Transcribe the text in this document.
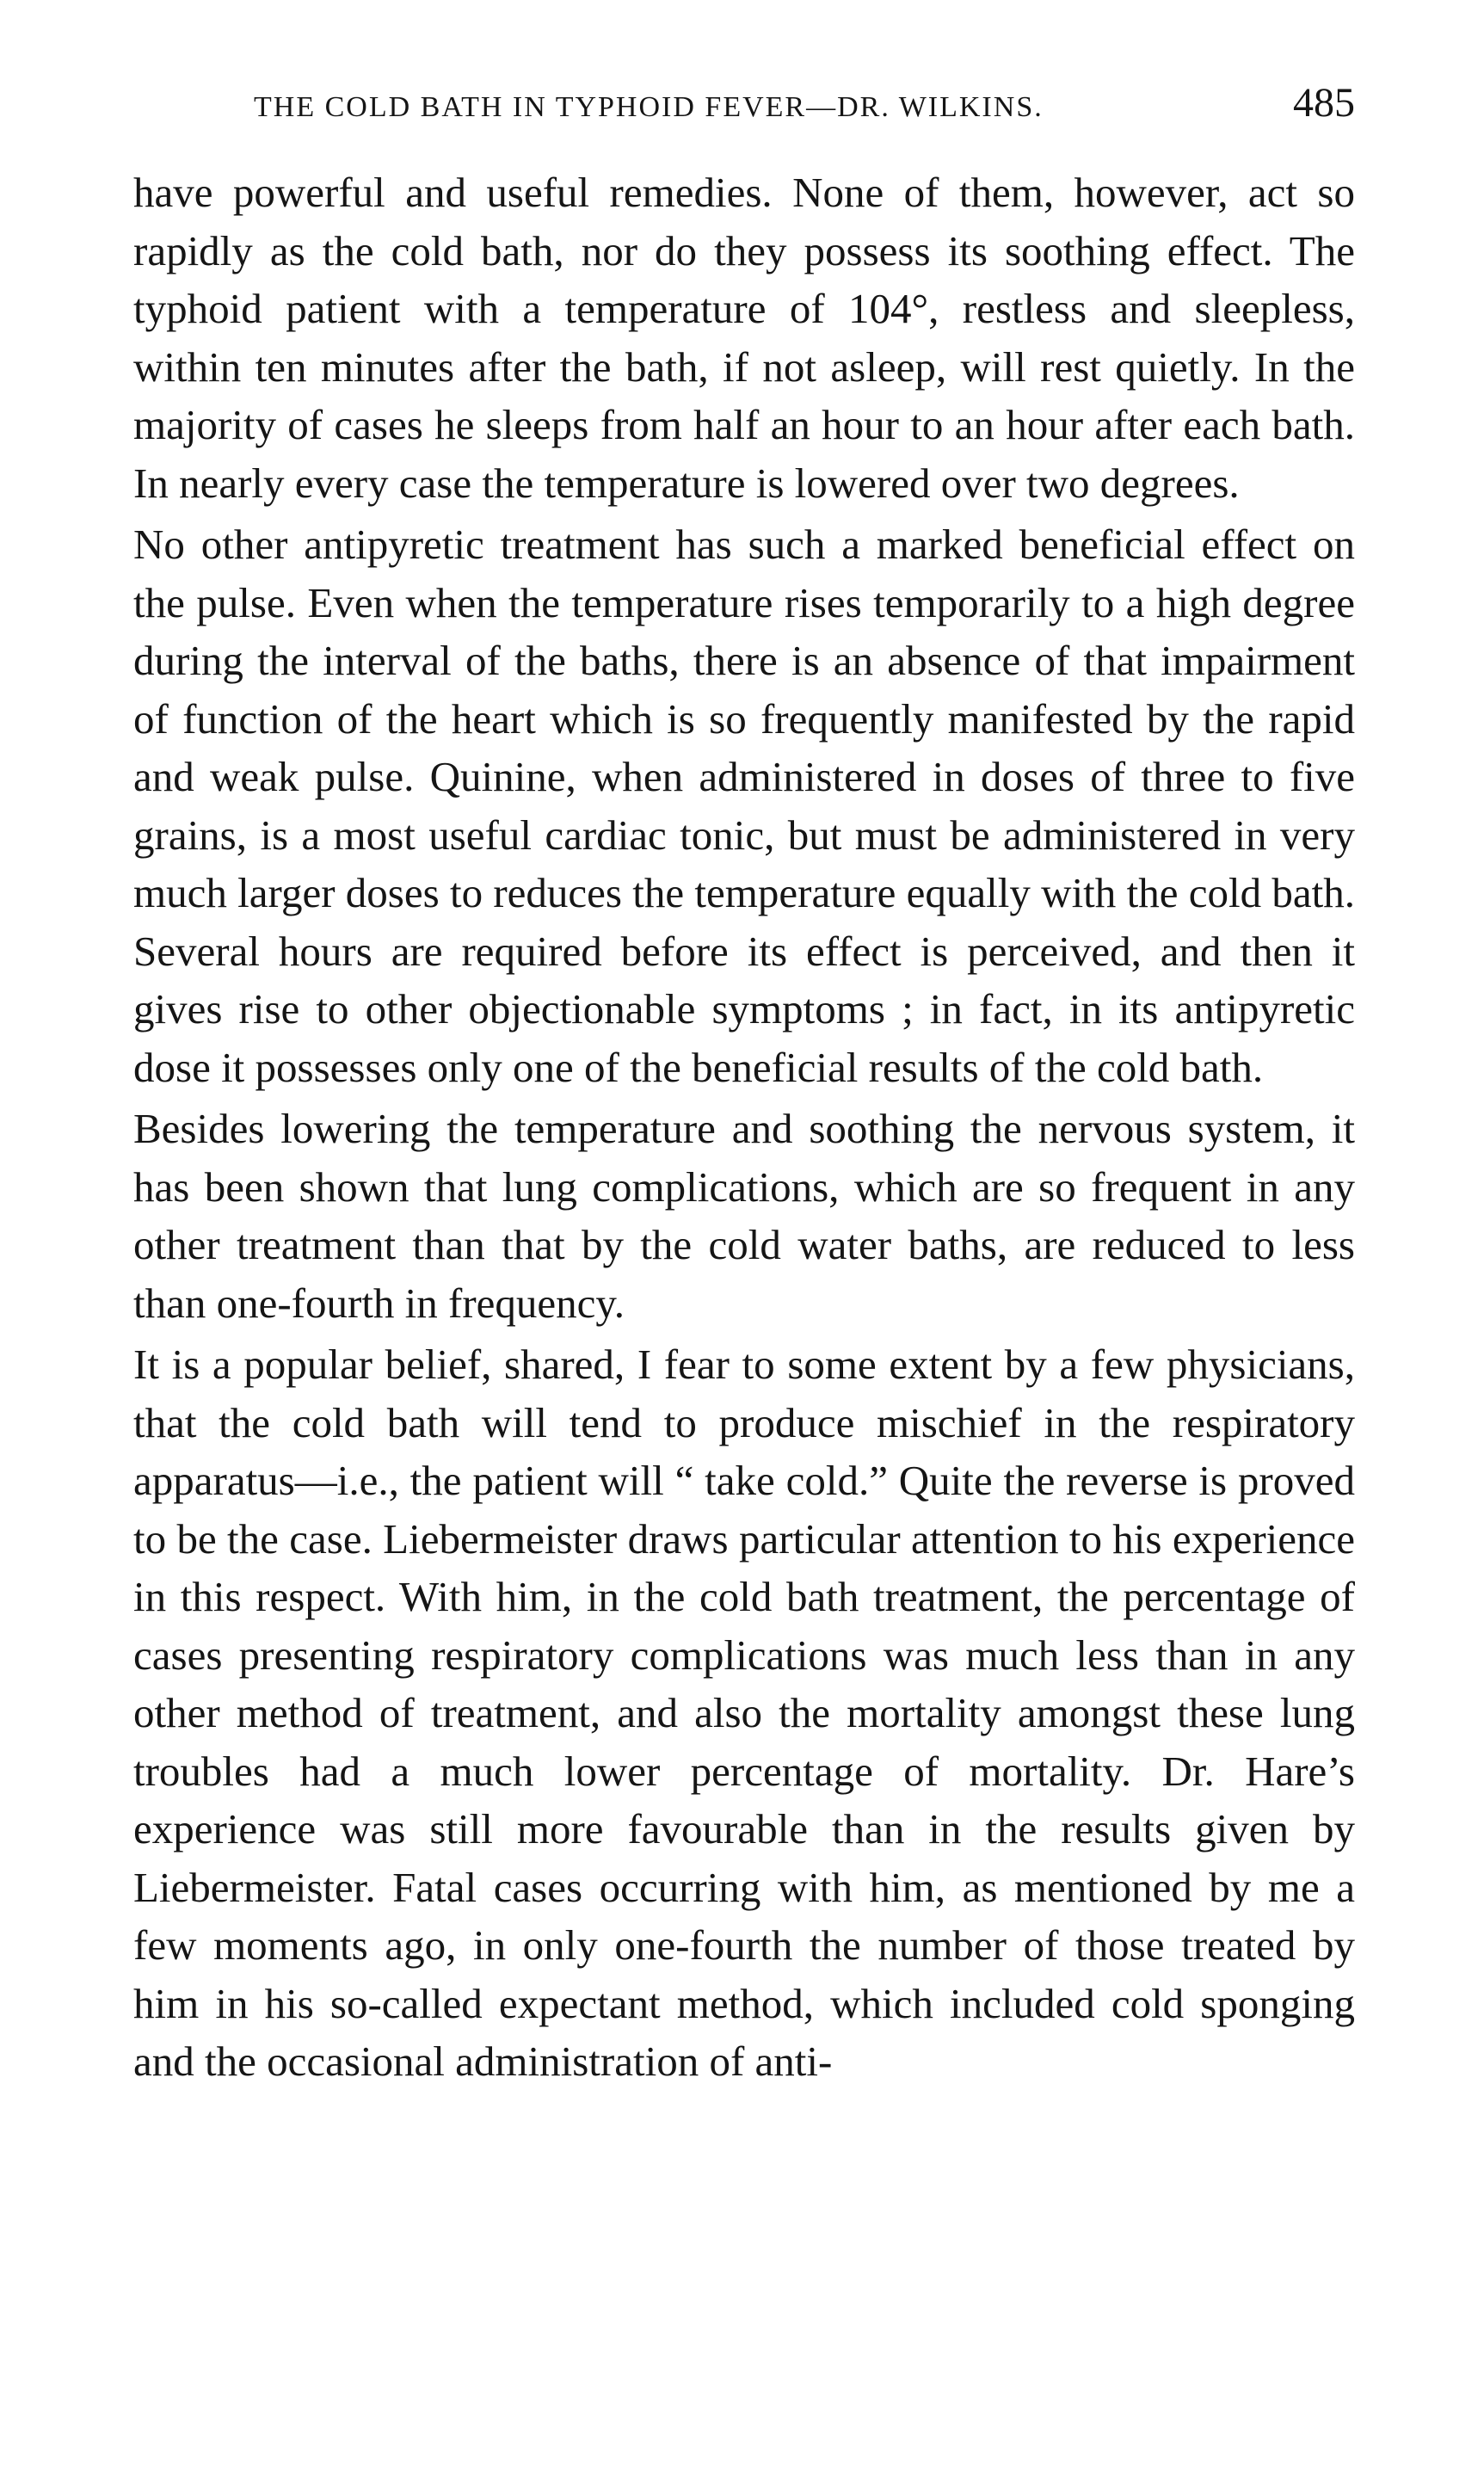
THE COLD BATH IN TYPHOID FEVER—DR. WILKINS.	485

have powerful and useful remedies. None of them, however, act so rapidly as the cold bath, nor do they possess its soothing effect. The typhoid patient with a temperature of 104°, restless and sleepless, within ten minutes after the bath, if not asleep, will rest quietly. In the majority of cases he sleeps from half an hour to an hour after each bath. In nearly every case the temperature is lowered over two degrees.

No other antipyretic treatment has such a marked beneficial effect on the pulse. Even when the temperature rises temporarily to a high degree during the interval of the baths, there is an absence of that impairment of function of the heart which is so frequently manifested by the rapid and weak pulse. Quinine, when administered in doses of three to five grains, is a most useful cardiac tonic, but must be administered in very much larger doses to reduces the temperature equally with the cold bath. Several hours are required before its effect is perceived, and then it gives rise to other objectionable symptoms ; in fact, in its antipyretic dose it possesses only one of the beneficial results of the cold bath.

Besides lowering the temperature and soothing the nervous system, it has been shown that lung complications, which are so frequent in any other treatment than that by the cold water baths, are reduced to less than one-fourth in frequency.

It is a popular belief, shared, I fear to some extent by a few physicians, that the cold bath will tend to produce mischief in the respiratory apparatus—i.e., the patient will “ take cold.” Quite the reverse is proved to be the case. Liebermeister draws particular attention to his experience in this respect. With him, in the cold bath treatment, the percentage of cases presenting respiratory complications was much less than in any other method of treatment, and also the mortality amongst these lung troubles had a much lower percentage of mortality. Dr. Hare’s experience was still more favourable than in the results given by Liebermeister. Fatal cases occurring with him, as mentioned by me a few moments ago, in only one-fourth the number of those treated by him in his so-called expectant method, which included cold sponging and the occasional administration of anti-
